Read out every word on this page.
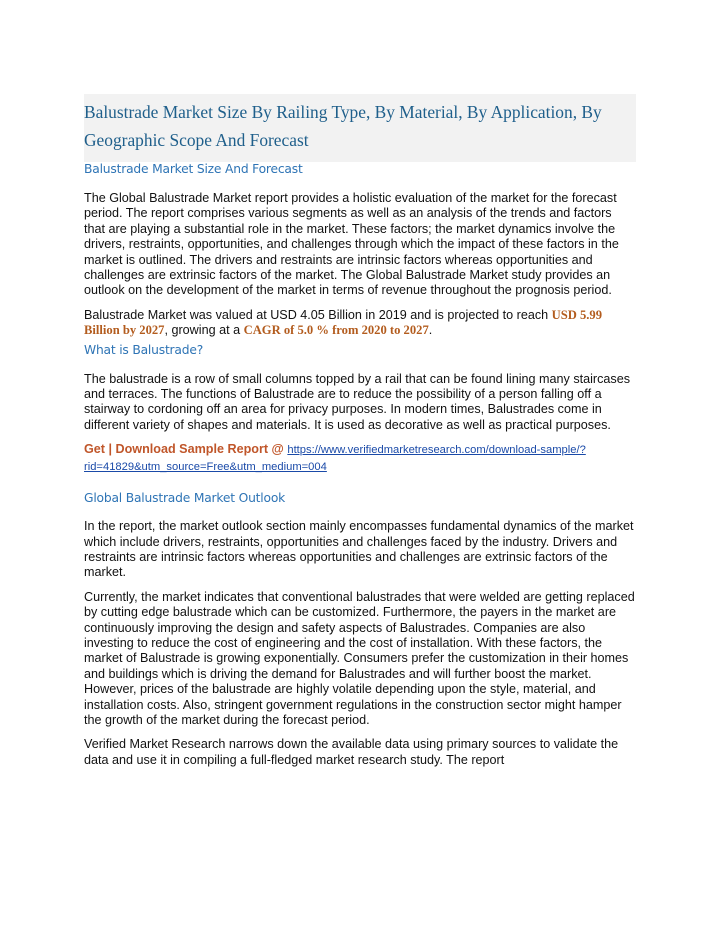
Balustrade Market Size By Railing Type, By Material, By Application, By Geographic Scope And Forecast
Balustrade Market Size And Forecast

The Global Balustrade Market report provides a holistic evaluation of the market for the forecast period. The report comprises various segments as well as an analysis of the trends and factors that are playing a substantial role in the market. These factors; the market dynamics involve the drivers, restraints, opportunities, and challenges through which the impact of these factors in the market is outlined. The drivers and restraints are intrinsic factors whereas opportunities and challenges are extrinsic factors of the market. The Global Balustrade Market study provides an outlook on the development of the market in terms of revenue throughout the prognosis period.

Balustrade Market was valued at USD 4.05 Billion in 2019 and is projected to reach USD 5.99 Billion by 2027, growing at a CAGR of 5.0 % from 2020 to 2027.

What is Balustrade?

The balustrade is a row of small columns topped by a rail that can be found lining many staircases and terraces. The functions of Balustrade are to reduce the possibility of a person falling off a stairway to cordoning off an area for privacy purposes. In modern times, Balustrades come in different variety of shapes and materials. It is used as decorative as well as practical purposes.

Get | Download Sample Report @ https://www.verifiedmarketresearch.com/download-sample/?rid=41829&utm_source=Free&utm_medium=004

Global Balustrade Market Outlook

In the report, the market outlook section mainly encompasses fundamental dynamics of the market which include drivers, restraints, opportunities and challenges faced by the industry. Drivers and restraints are intrinsic factors whereas opportunities and challenges are extrinsic factors of the market.

Currently, the market indicates that conventional balustrades that were welded are getting replaced by cutting edge balustrade which can be customized. Furthermore, the payers in the market are continuously improving the design and safety aspects of Balustrades. Companies are also investing to reduce the cost of engineering and the cost of installation. With these factors, the market of Balustrade is growing exponentially. Consumers prefer the customization in their homes and buildings which is driving the demand for Balustrades and will further boost the market. However, prices of the balustrade are highly volatile depending upon the style, material, and installation costs. Also, stringent government regulations in the construction sector might hamper the growth of the market during the forecast period.

Verified Market Research narrows down the available data using primary sources to validate the data and use it in compiling a full-fledged market research study. The report
